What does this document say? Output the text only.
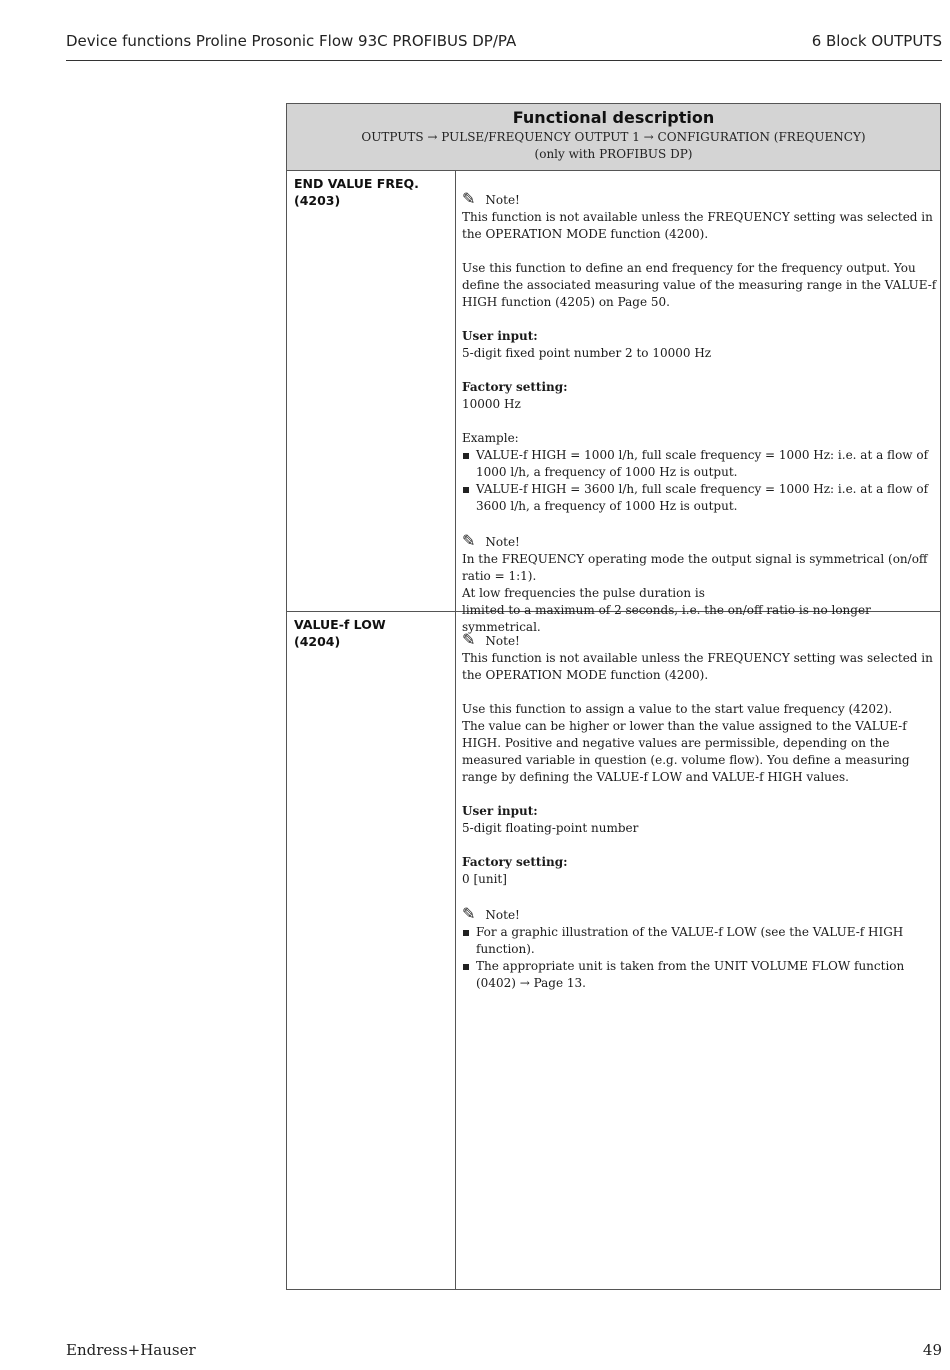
Device functions Proline Prosonic Flow 93C PROFIBUS DP/PA	6 Block OUTPUTS
Functional description
OUTPUTS → PULSE/FREQUENCY OUTPUT 1 → CONFIGURATION (FREQUENCY)
(only with PROFIBUS DP)
END VALUE FREQ.
(4203)	✎ Note!

This function is not available unless the FREQUENCY setting was selected in the OPERATION MODE function (4200).

Use this function to define an end frequency for the frequency output. You define the associated measuring value of the measuring range in the VALUE-f HIGH function (4205) on Page 50.

User input:
5-digit fixed point number 2 to 10000 Hz

Factory setting:
10000 Hz

Example:

VALUE-f HIGH = 1000 l/h, full scale frequency = 1000 Hz: i.e. at a flow of 1000 l/h, a frequency of 1000 Hz is output.
VALUE-f HIGH = 3600 l/h, full scale frequency = 1000 Hz: i.e. at a flow of 3600 l/h, a frequency of 1000 Hz is output.
✎ Note!
In the FREQUENCY operating mode the output signal is symmetrical (on/off ratio = 1:1).
At low frequencies the pulse duration is
limited to a maximum of 2 seconds, i.e. the on/off ratio is no longer symmetrical.
VALUE-f LOW
(4204)	✎ Note!

This function is not available unless the FREQUENCY setting was selected in the OPERATION MODE function (4200).

Use this function to assign a value to the start value frequency (4202).

The value can be higher or lower than the value assigned to the VALUE-f HIGH. Positive and negative values are permissible, depending on the measured variable in question (e.g. volume flow). You define a measuring range by defining the VALUE-f LOW and VALUE-f HIGH values.

User input:
5-digit floating-point number

Factory setting:
0 [unit]

✎ Note!
For a graphic illustration of the VALUE-f LOW (see the VALUE-f HIGH function).
The appropriate unit is taken from the UNIT VOLUME FLOW function (0402) → Page 13.
Endress+Hauser	49
